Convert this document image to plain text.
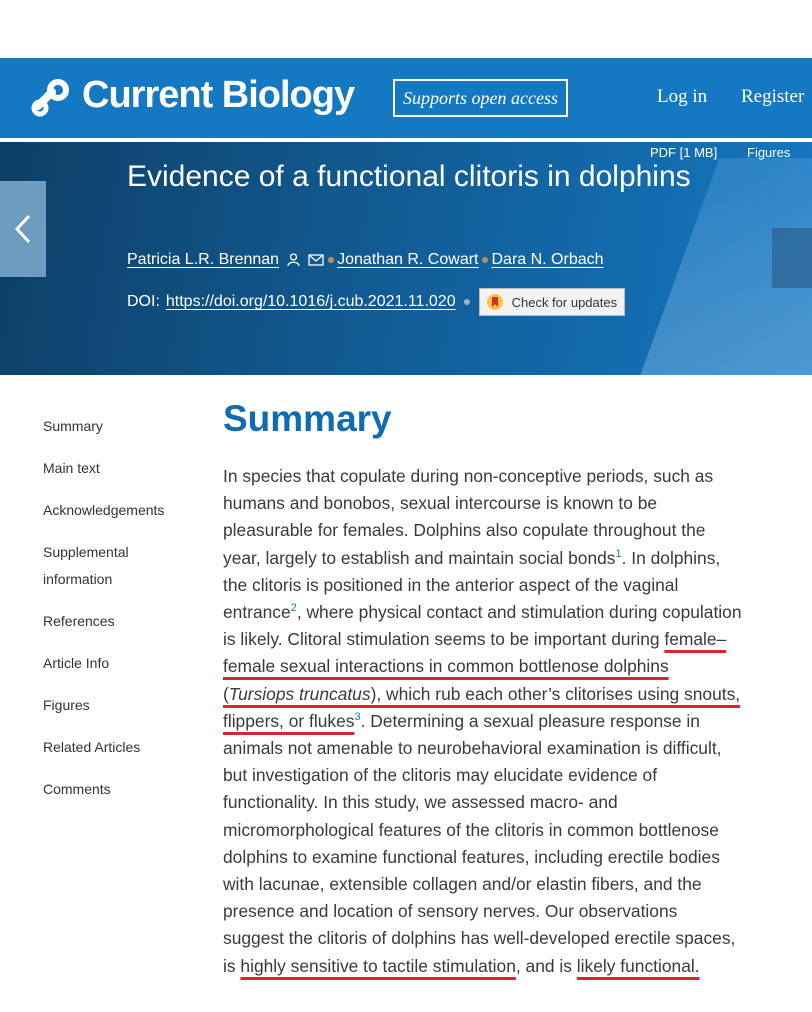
Current Biology	Supports open access	Log in Register
PDF [1 MB] Figures
Evidence of a functional clitoris in dolphins
Patricia L.R. Brennan	Jonathan R. Cowart Dara N. Orbach
DOI: https://doi.org/10.1016/j.cub.2021.11.020	Check for updates
Summary
Main text
Acknowledgements
Supplemental information
References
Article Info
Figures
Related Articles
Comments
Summary

In species that copulate during non-conceptive periods, such as humans and bonobos, sexual intercourse is known to be pleasurable for females. Dolphins also copulate throughout the year, largely to establish and maintain social bonds$^1$. In dolphins, the clitoris is positioned in the anterior aspect of the vaginal entrance$^2$, where physical contact and stimulation during copulation is likely. Clitoral stimulation seems to be important during female–female sexual interactions in common bottlenose dolphins (Tursiops truncatus), which rub each other’s clitorises using snouts, flippers, or flukes$^3$. Determining a sexual pleasure response in animals not amenable to neurobehavioral examination is difficult, but investigation of the clitoris may elucidate evidence of functionality. In this study, we assessed macro- and micromorphological features of the clitoris in common bottlenose dolphins to examine functional features, including erectile bodies with lacunae, extensible collagen and/or elastin fibers, and the presence and location of sensory nerves. Our observations suggest the clitoris of dolphins has well-developed erectile spaces, is highly sensitive to tactile stimulation, and is likely functional.
